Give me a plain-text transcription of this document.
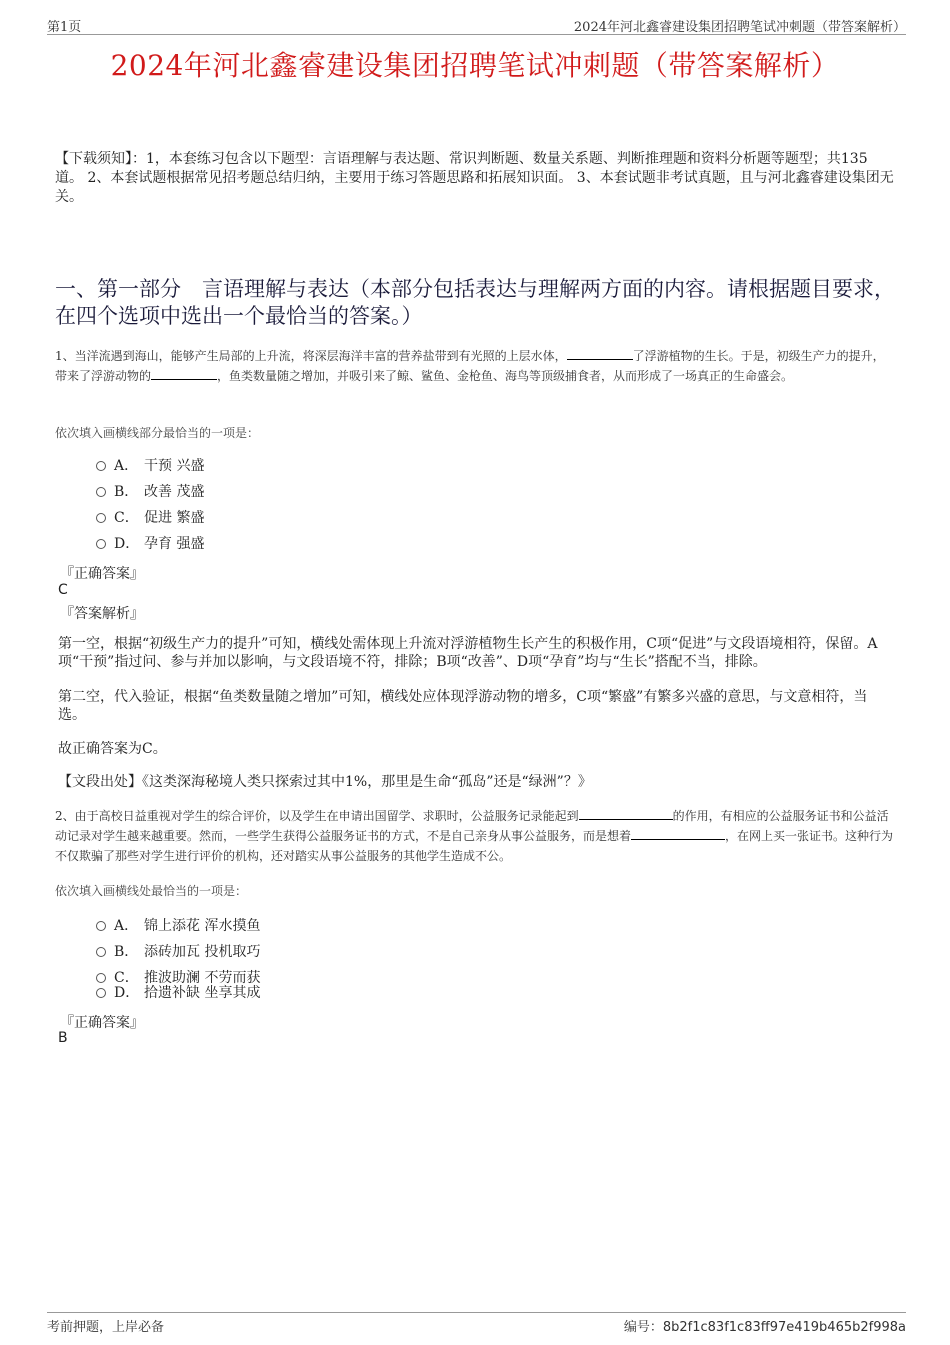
第1页	2024年河北鑫睿建设集团招聘笔试冲刺题（带答案解析）
2024年河北鑫睿建设集团招聘笔试冲刺题（带答案解析）
【下载须知】：1，本套练习包含以下题型：言语理解与表达题、常识判断题、数量关系题、判断推理题和资料分析题等题型；共135道。 2、本套试题根据常见招考题总结归纳，主要用于练习答题思路和拓展知识面。 3、本套试题非考试真题，且与河北鑫睿建设集团无关。
一、第一部分　言语理解与表达（本部分包括表达与理解两方面的内容。请根据题目要求，在四个选项中选出一个最恰当的答案。）
1、当洋流遇到海山，能够产生局部的上升流，将深层海洋丰富的营养盐带到有光照的上层水体，	了浮游植物的生长。于是，初级生产力的提升，带来了浮游动物的	，鱼类数量随之增加，并吸引来了鲸、鲨鱼、金枪鱼、海鸟等顶级捕食者，从而形成了一场真正的生命盛会。
依次填入画横线部分最恰当的一项是：
A． 干预 兴盛
B． 改善 茂盛
C． 促进 繁盛
D． 孕育 强盛
『正确答案』
C
『答案解析』
第一空，根据“初级生产力的提升”可知，横线处需体现上升流对浮游植物生长产生的积极作用，C项“促进”与文段语境相符，保留。A项“干预”指过问、参与并加以影响，与文段语境不符，排除；B项“改善”、D项“孕育”均与“生长”搭配不当，排除。
第二空，代入验证，根据“鱼类数量随之增加”可知，横线处应体现浮游动物的增多，C项“繁盛”有繁多兴盛的意思，与文意相符，当选。
故正确答案为C。
【文段出处】《这类深海秘境人类只探索过其中1%，那里是生命“孤岛”还是“绿洲”？》
2、由于高校日益重视对学生的综合评价，以及学生在申请出国留学、求职时，公益服务记录能起到	的作用，有相应的公益服务证书和公益活动记录对学生越来越重要。然而，一些学生获得公益服务证书的方式，不是自己亲身从事公益服务，而是想着	，在网上买一张证书。这种行为不仅欺骗了那些对学生进行评价的机构，还对踏实从事公益服务的其他学生造成不公。
依次填入画横线处最恰当的一项是：
A． 锦上添花 浑水摸鱼
B． 添砖加瓦 投机取巧
C． 推波助澜 不劳而获
D． 拾遗补缺 坐享其成
『正确答案』
B
考前押题，上岸必备	编号：8b2f1c83f1c83ff97e419b465b2f998a
